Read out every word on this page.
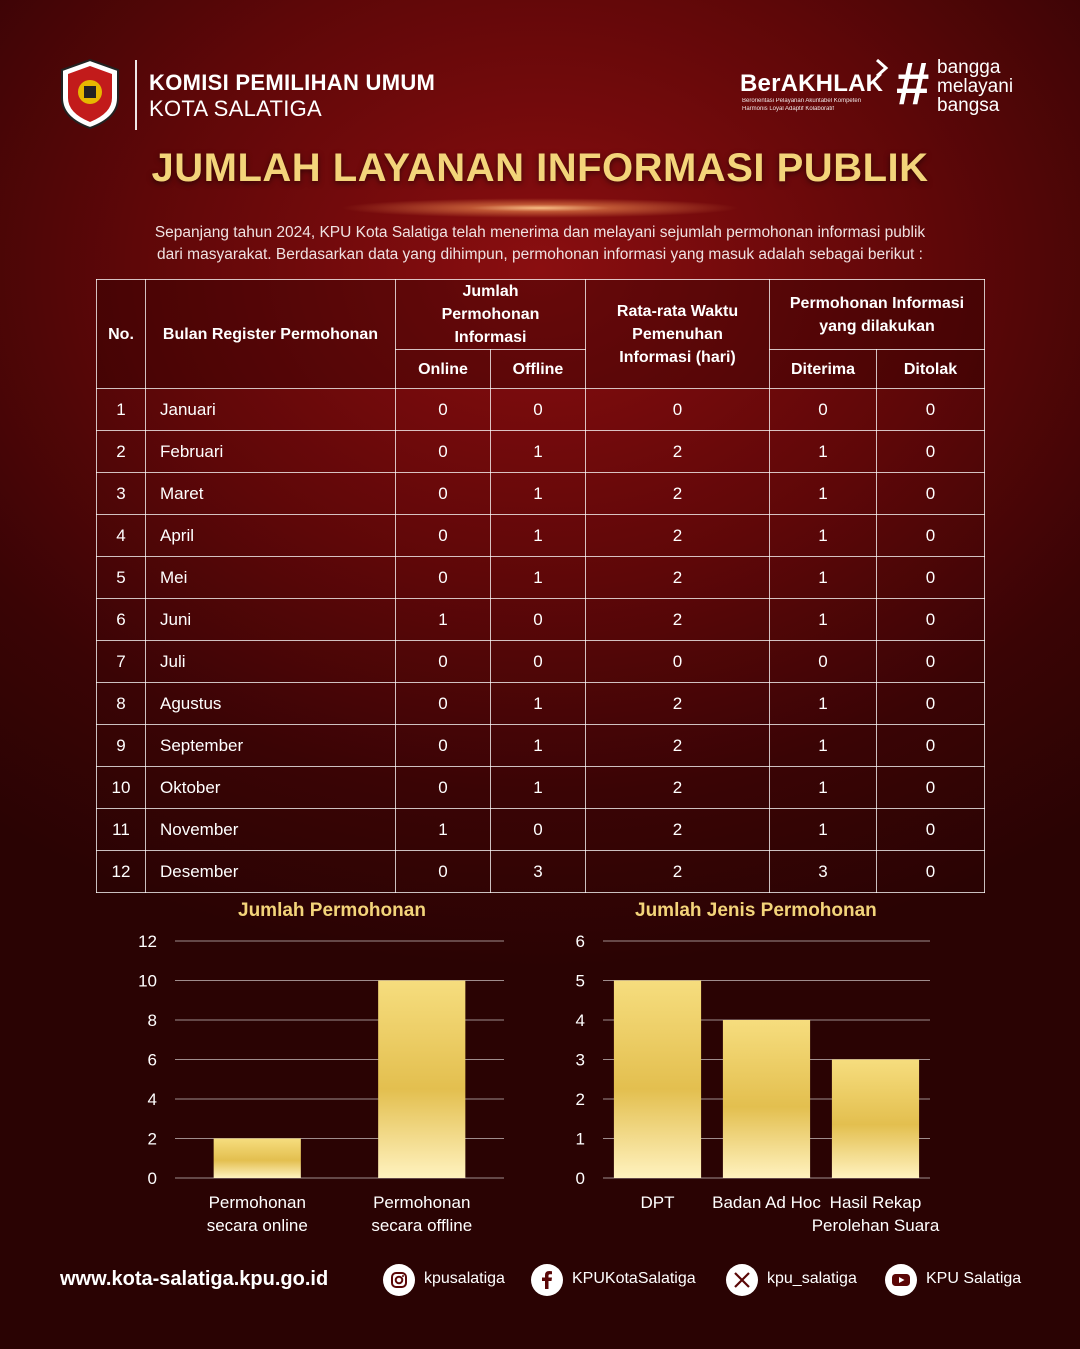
KOMISI PEMILIHAN UMUM
KOTA SALATIGA
BerAKHLAK
Berorientasi Pelayanan Akuntabel Kompeten
Harmonis Loyal Adaptif Kolaboratif # bangga
melayani
bangsa
JUMLAH LAYANAN INFORMASI PUBLIK
Sepanjang tahun 2024, KPU Kota Salatiga telah menerima dan melayani sejumlah permohonan informasi publik
dari masyarakat. Berdasarkan data yang dihimpun, permohonan informasi yang masuk adalah sebagai berikut :
No.	Bulan Register Permohonan	Jumlah Permohonan Informasi		Rata-rata Waktu Pemenuhan Informasi (hari)	Permohonan Informasi yang dilakukan	
		Online	Offline		Diterima	Ditolak
1	Januari	0	0	0	0	0
2	Februari	0	1	2	1	0
3	Maret	0	1	2	1	0
4	April	0	1	2	1	0
5	Mei	0	1	2	1	0
6	Juni	1	0	2	1	0
7	Juli	0	0	0	0	0
8	Agustus	0	1	2	1	0
9	September	0	1	2	1	0
10	Oktober	0	1	2	1	0
11	November	1	0	2	1	0
12	Desember	0	3	2	3	0
Jumlah Permohonan	Jumlah Jenis Permohonan
0
2
4
6
8
10
12
Permohonan
secara online
Permohonan
secara offline
0
1
2
3
4
5
6
DPT Badan Ad Hoc Hasil Rekap
Perolehan Suara
www.kota-salatiga.kpu.go.id	kpusalatiga	KPUKotaSalatiga	kpu_salatiga	KPU Salatiga
